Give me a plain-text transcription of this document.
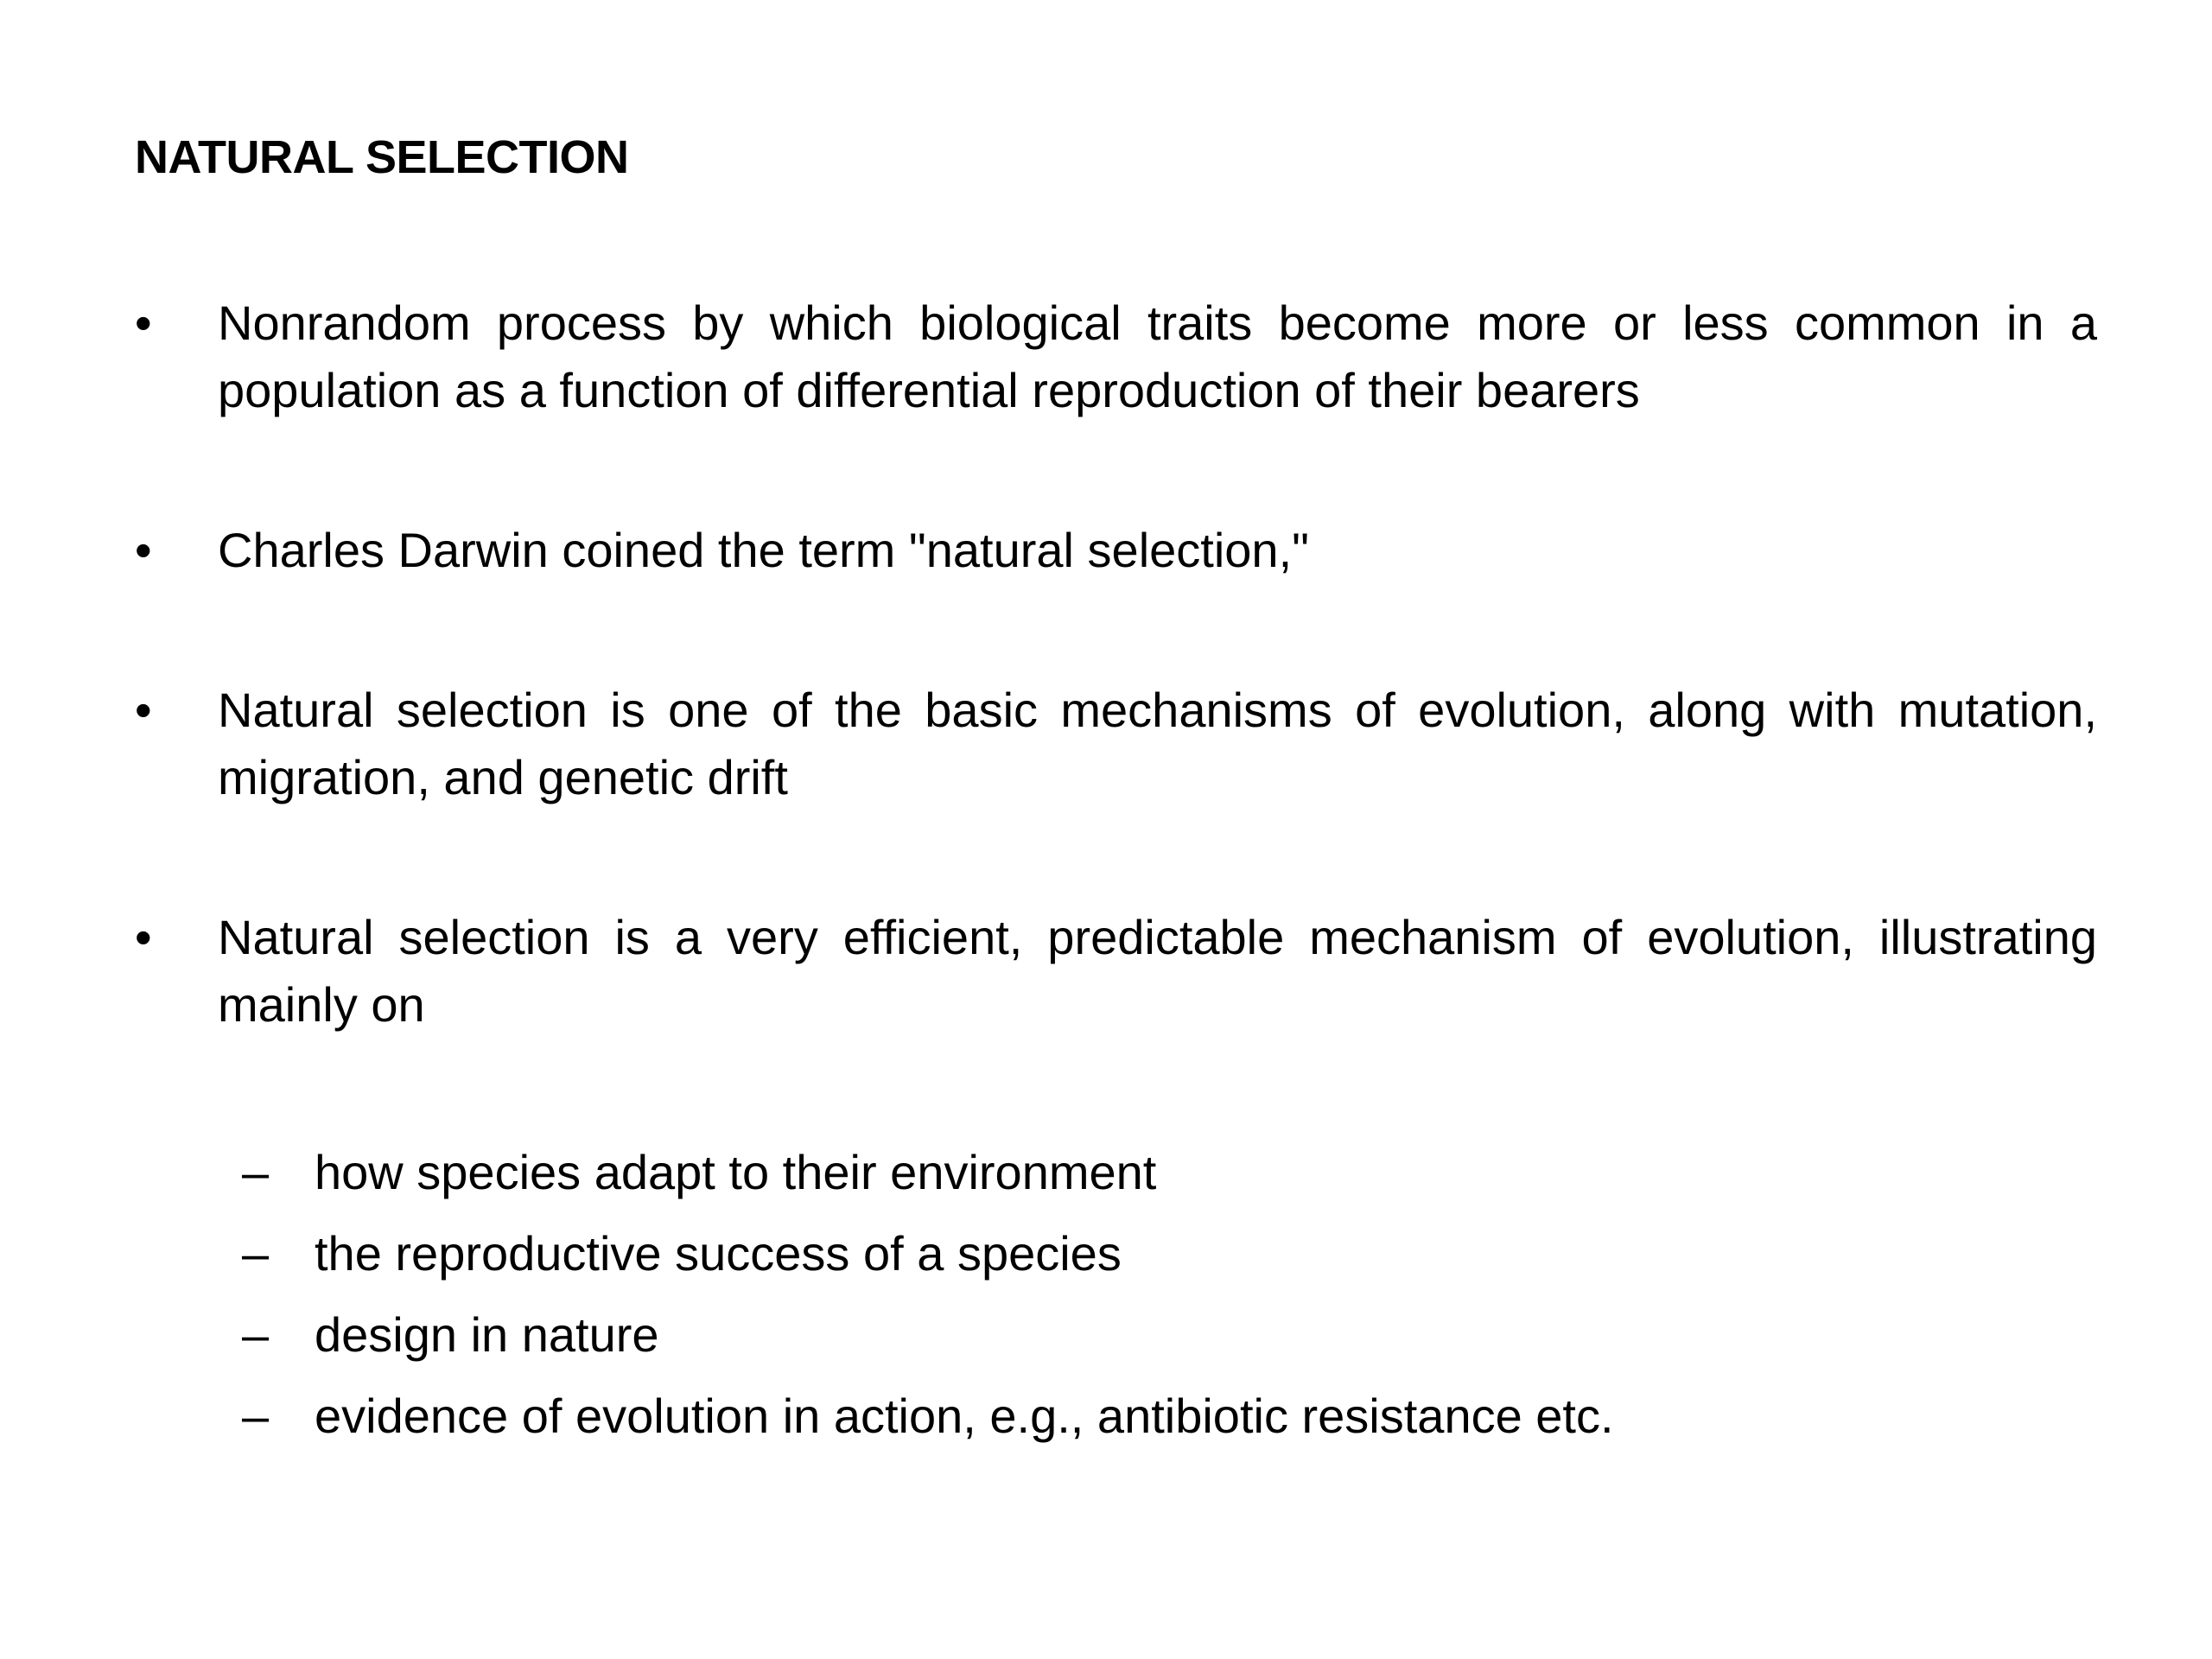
NATURAL SELECTION
•	Nonrandom process by which biological traits become more or less common in a population as a function of differential reproduction of their bearers
•	Charles Darwin coined the term "natural selection,"
•	Natural selection is one of the basic mechanisms of evolution, along with mutation, migration, and genetic drift
•	Natural selection is a very efficient, predictable mechanism of evolution, illustrating mainly on
– how species adapt to their environment
– the reproductive success of a species
– design in nature
– evidence of evolution in action, e.g., antibiotic resistance etc.
